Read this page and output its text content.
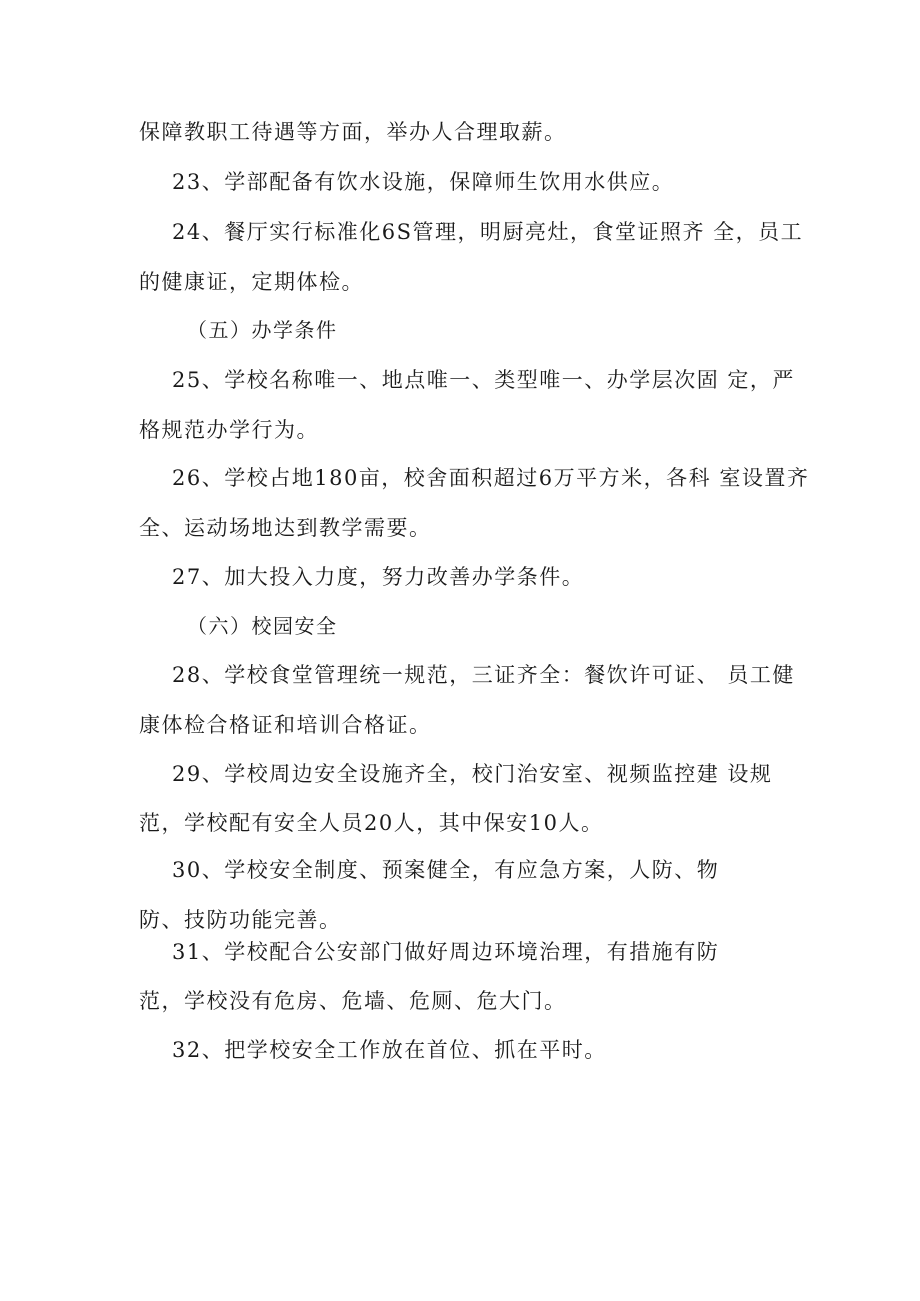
保障教职工待遇等方面，举办人合理取薪。
23、学部配备有饮水设施，保障师生饮用水供应。
24、餐厅实行标准化6S管理，明厨亮灶，食堂证照齐 全，员工
的健康证，定期体检。
（五）办学条件
25、学校名称唯一、地点唯一、类型唯一、办学层次固 定，严
格规范办学行为。
26、学校占地180亩，校舍面积超过6万平方米，各科 室设置齐
全、运动场地达到教学需要。
27、加大投入力度，努力改善办学条件。
（六）校园安全
28、学校食堂管理统一规范，三证齐全：餐饮许可证、 员工健
康体检合格证和培训合格证。
29、学校周边安全设施齐全，校门治安室、视频监控建 设规
范，学校配有安全人员20人，其中保安10人。
30、学校安全制度、预案健全，有应急方案，人防、物
防、技防功能完善。
31、学校配合公安部门做好周边环境治理，有措施有防
范，学校没有危房、危墙、危厕、危大门。
32、把学校安全工作放在首位、抓在平时。
